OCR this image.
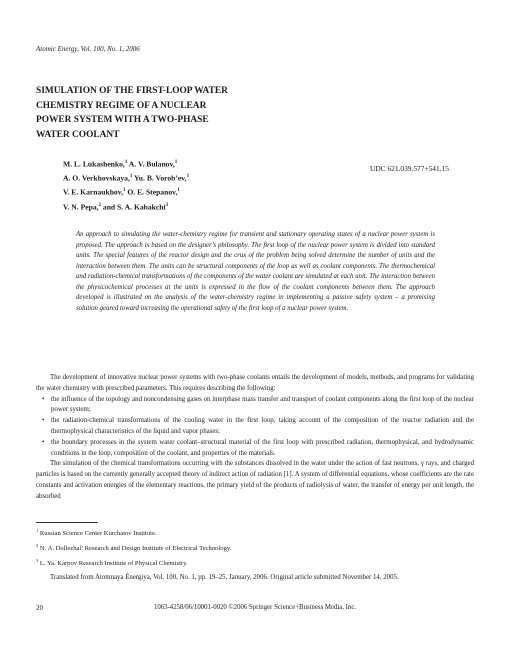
Atomic Energy, Vol. 100, No. 1, 2006
SIMULATION OF THE FIRST-LOOP WATER
CHEMISTRY REGIME OF A NUCLEAR
POWER SYSTEM WITH A TWO-PHASE
WATER COOLANT
M. L. Lukashenko,$^1$ A. V. Bulanov,$^1$
A. O. Verkhovskaya,$^1$ Yu. B. Vorob’ev,$^1$
V. E. Karnaukhov,$^1$ O. E. Stepanov,$^1$
V. N. Pepa,$^2$ and S. A. Kabakchi$^3$
UDC 621.039.577+541.15
An approach to simulating the water-chemistry regime for transient and stationary operating states of a nuclear power system is proposed. The approach is based on the designer’s philosophy. The first loop of the nuclear power system is divided into standard units. The special features of the reactor design and the crux of the problem being solved determine the number of units and the interaction between them. The units can be structural components of the loop as well as coolant components. The thermochemical and radiation-chemical transformations of the components of the water coolant are simulated at each unit. The interaction between the physicochemical processes at the units is expressed in the flow of the coolant components between them. The approach developed is illustrated on the analysis of the water-chemistry regime in implementing a passive safety system – a promising solution geared toward increasing the operational safety of the first loop of a nuclear power system.

The development of innovative nuclear power systems with two-phase coolants entails the development of models, methods, and programs for validating the water chemistry with prescribed parameters. This requires describing the following:

• the influence of the topology and noncondensing gases on interphase mass transfer and transport of coolant components along the first loop of the nuclear power system;
• the radiation-chemical transformations of the cooling water in the first loop, taking account of the composition of the reactor radiation and the thermophysical characteristics of the liquid and vapor phases;
• the boundary processes in the system water coolant–structural material of the first loop with prescribed radiation, thermophysical, and hydrodynamic conditions in the loop, composition of the coolant, and properties of the materials.

The simulation of the chemical transformations occurring with the substances dissolved in the water under the action of fast neutrons, γ rays, and charged particles is based on the currently generally accepted theory of indirect action of radiation [1]. A system of differential equations, whose coefficients are the rate constants and activation energies of the elementary reactions, the primary yield of the products of radiolysis of water, the transfer of energy per unit length, the absorbed

$^1$ Russian Science Center Kurchatov Institute.
$^2$ N. A. Dollezhal’ Research and Design Institute of Electrical Technology.
$^3$ L. Ya. Karpov Research Institute of Physical Chemistry.
Translated from Atomnaya Énergiya, Vol. 100, No. 1, pp. 19–25, January, 2006. Original article submitted November 14, 2005.
20	1063-4258/06/10001-0020 ©2006 Springer Science+Business Media, Inc.
